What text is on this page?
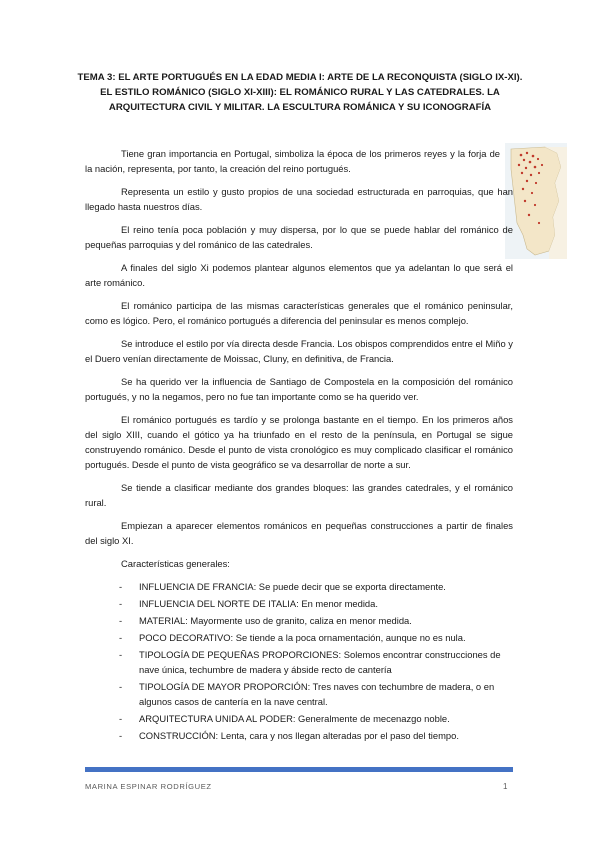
TEMA 3: EL ARTE PORTUGUÉS EN LA EDAD MEDIA I: ARTE DE LA RECONQUISTA (SIGLO IX-XI).
EL ESTILO ROMÁNICO (SIGLO XI-XIII): EL ROMÁNICO RURAL Y LAS CATEDRALES. LA
ARQUITECTURA CIVIL Y MILITAR. LA ESCULTURA ROMÁNICA Y SU ICONOGRAFÍA

Tiene gran importancia en Portugal, simboliza la época de los primeros reyes y la forja de la nación, representa, por tanto, la creación del reino portugués.

Representa un estilo y gusto propios de una sociedad estructurada en parroquias, que han llegado hasta nuestros días.

El reino tenía poca población y muy dispersa, por lo que se puede hablar del románico de pequeñas parroquias y del románico de las catedrales.

A finales del siglo Xi podemos plantear algunos elementos que ya adelantan lo que será el arte románico.

El románico participa de las mismas características generales que el románico peninsular, como es lógico. Pero, el románico portugués a diferencia del peninsular es menos complejo.

Se introduce el estilo por vía directa desde Francia. Los obispos comprendidos entre el Miño y el Duero venían directamente de Moissac, Cluny, en definitiva, de Francia.

Se ha querido ver la influencia de Santiago de Compostela en la composición del románico portugués, y no la negamos, pero no fue tan importante como se ha querido ver.

El románico portugués es tardío y se prolonga bastante en el tiempo. En los primeros años del siglo XIII, cuando el gótico ya ha triunfado en el resto de la península, en Portugal se sigue construyendo románico. Desde el punto de vista cronológico es muy complicado clasificar el románico portugués. Desde el punto de vista geográfico se va desarrollar de norte a sur.

Se tiende a clasificar mediante dos grandes bloques: las grandes catedrales, y el románico rural.

Empiezan a aparecer elementos románicos en pequeñas construcciones a partir de finales del siglo XI.

Características generales:

- INFLUENCIA DE FRANCIA: Se puede decir que se exporta directamente.
- INFLUENCIA DEL NORTE DE ITALIA: En menor medida.
- MATERIAL: Mayormente uso de granito, caliza en menor medida.
- POCO DECORATIVO: Se tiende a la poca ornamentación, aunque no es nula.
- TIPOLOGÍA DE PEQUEÑAS PROPORCIONES: Solemos encontrar construcciones de nave única, techumbre de madera y ábside recto de cantería
- TIPOLOGÍA DE MAYOR PROPORCIÓN: Tres naves con techumbre de madera, o en algunos casos de cantería en la nave central.
- ARQUITECTURA UNIDA AL PODER: Generalmente de mecenazgo noble.
- CONSTRUCCIÓN: Lenta, cara y nos llegan alteradas por el paso del tiempo.
MARINA ESPINAR RODRÍGUEZ	1
